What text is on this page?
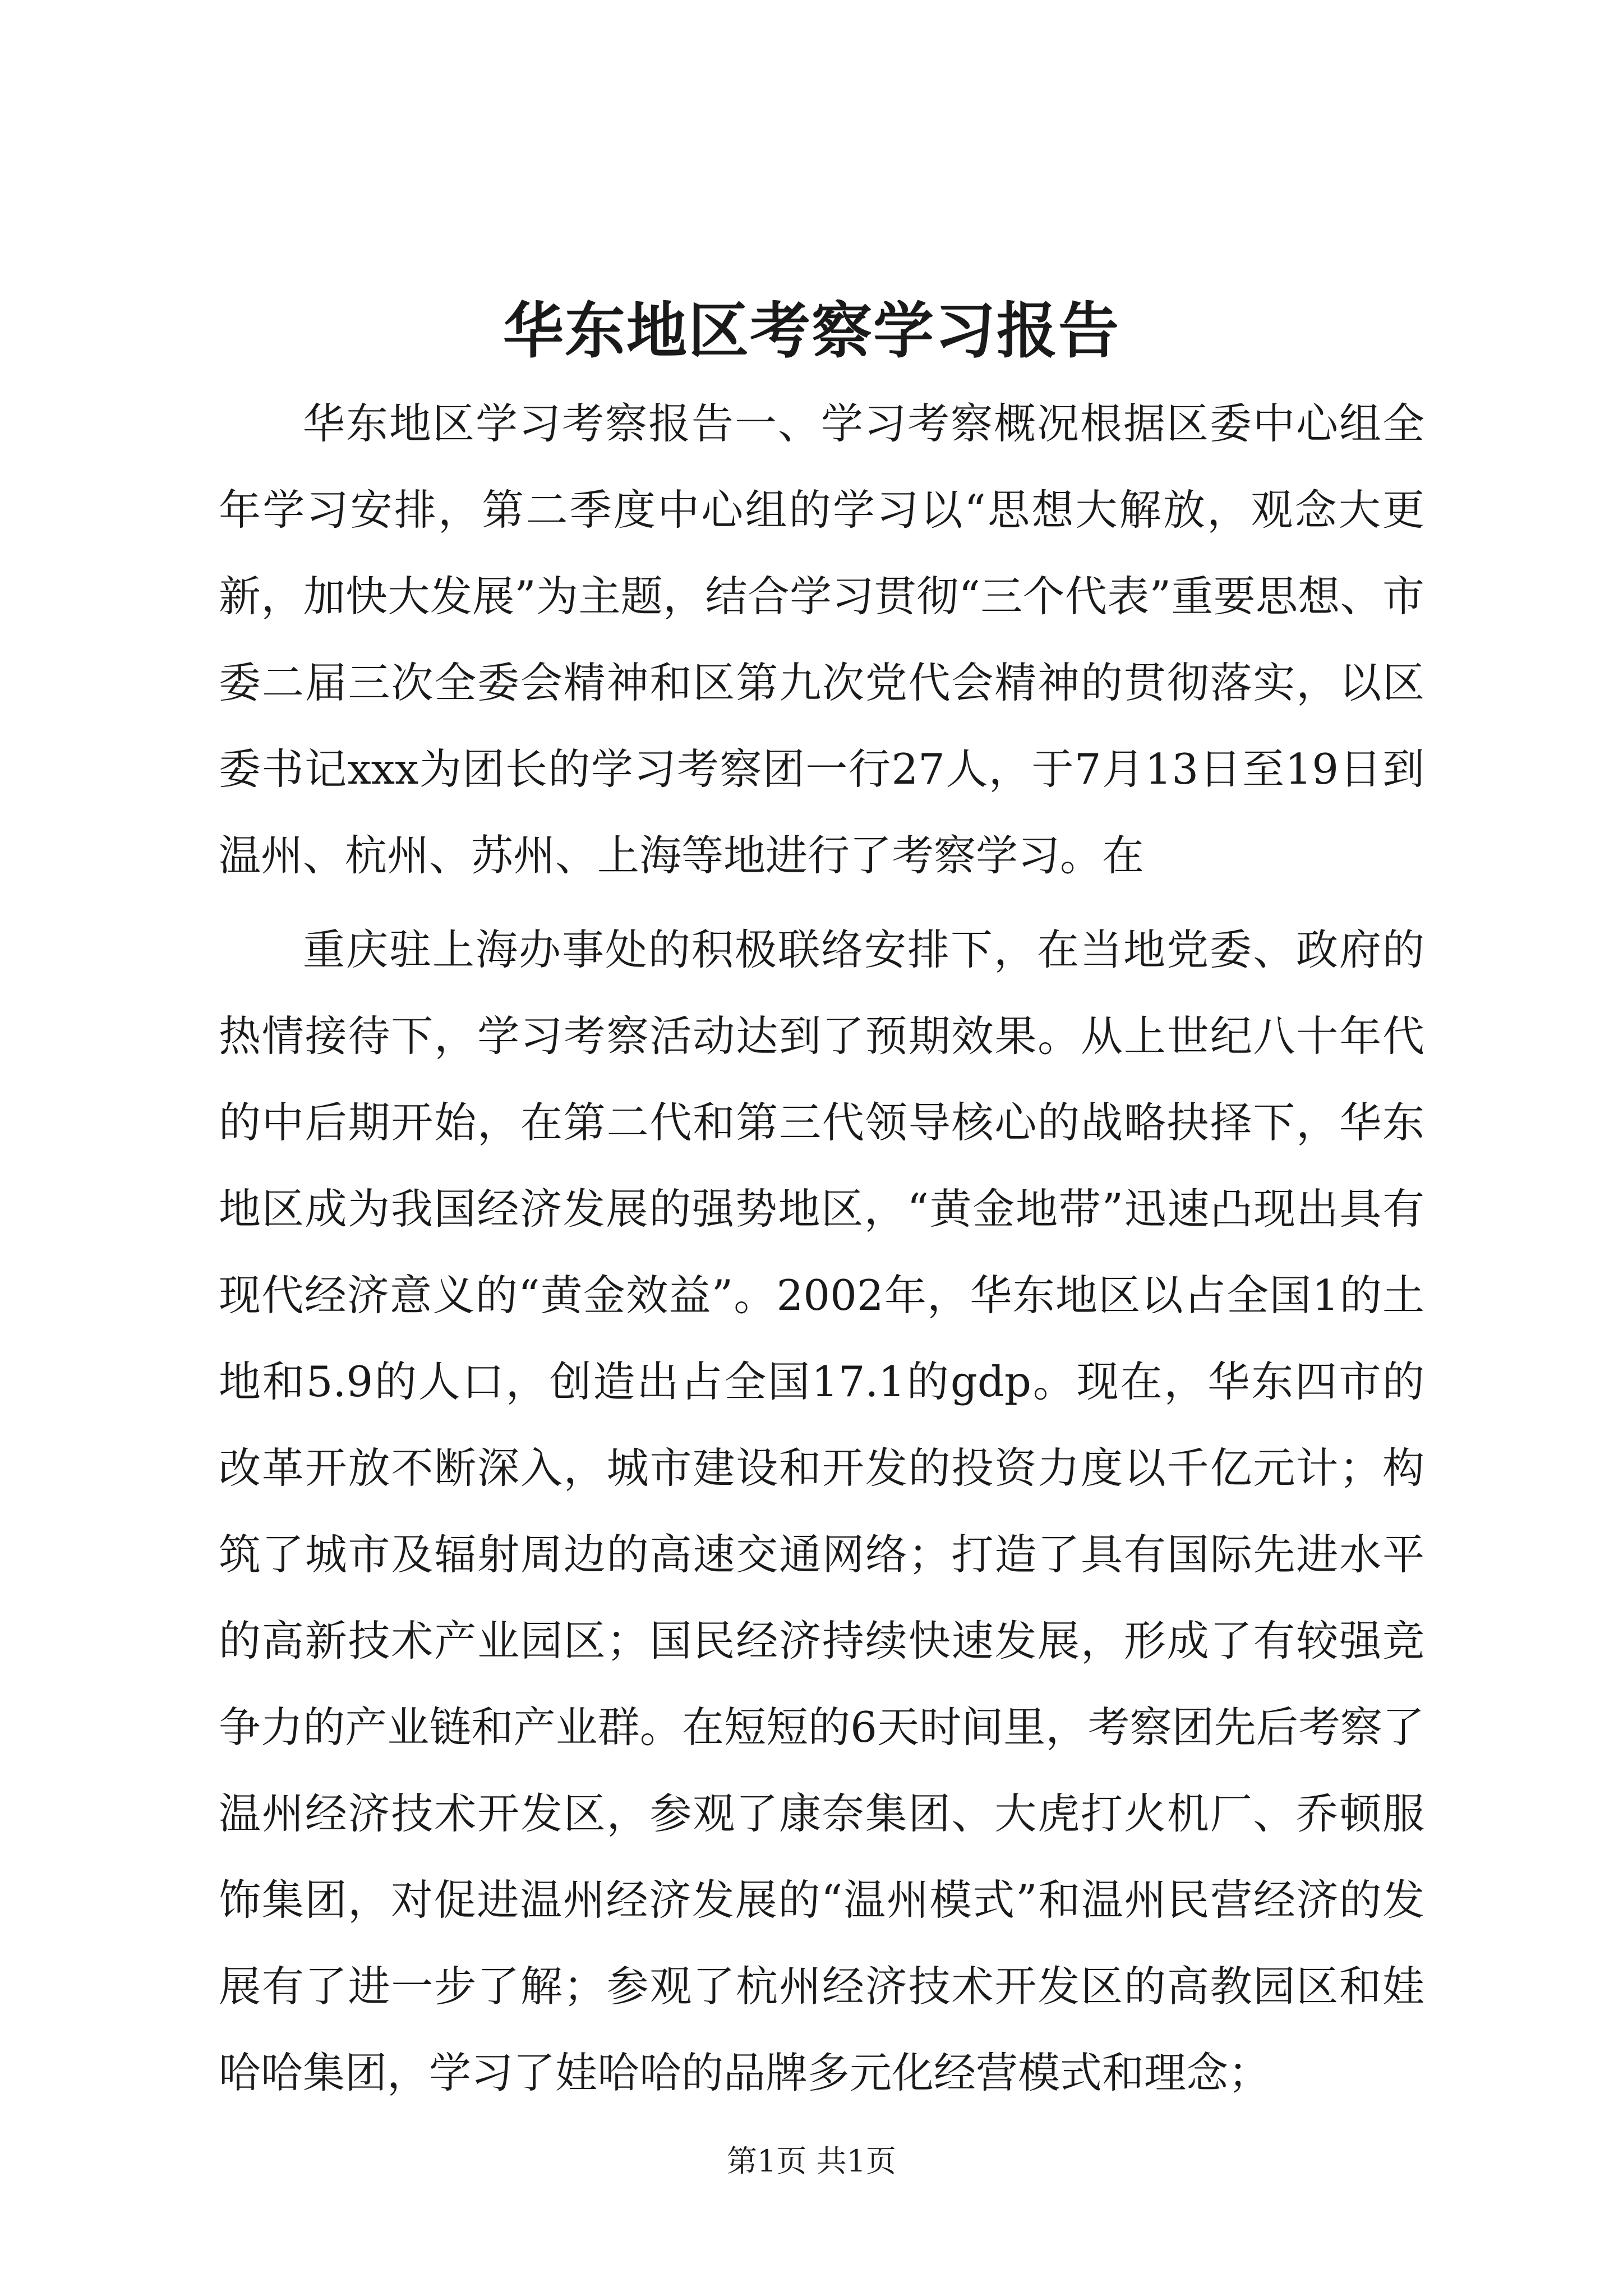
华东地区考察学习报告

华东地区学习考察报告一、学习考察概况根据区委中心组全年学习安排，第二季度中心组的学习以“思想大解放，观念大更新，加快大发展”为主题，结合学习贯彻“三个代表”重要思想、市委二届三次全委会精神和区第九次党代会精神的贯彻落实，以区委书记xxx为团长的学习考察团一行27人，于7月13日至19日到温州、杭州、苏州、上海等地进行了考察学习。在

重庆驻上海办事处的积极联络安排下，在当地党委、政府的热情接待下，学习考察活动达到了预期效果。从上世纪八十年代的中后期开始，在第二代和第三代领导核心的战略抉择下，华东地区成为我国经济发展的强势地区，“黄金地带”迅速凸现出具有现代经济意义的“黄金效益”。2002年，华东地区以占全国1的土地和5.9的人口，创造出占全国17.1的gdp。现在，华东四市的改革开放不断深入，城市建设和开发的投资力度以千亿元计；构筑了城市及辐射周边的高速交通网络；打造了具有国际先进水平的高新技术产业园区；国民经济持续快速发展，形成了有较强竞争力的产业链和产业群。在短短的6天时间里，考察团先后考察了温州经济技术开发区，参观了康奈集团、大虎打火机厂、乔顿服饰集团，对促进温州经济发展的“温州模式”和温州民营经济的发展有了进一步了解；参观了杭州经济技术开发区的高教园区和娃哈哈集团，学习了娃哈哈的品牌多元化经营模式和理念；

第1页 共1页
